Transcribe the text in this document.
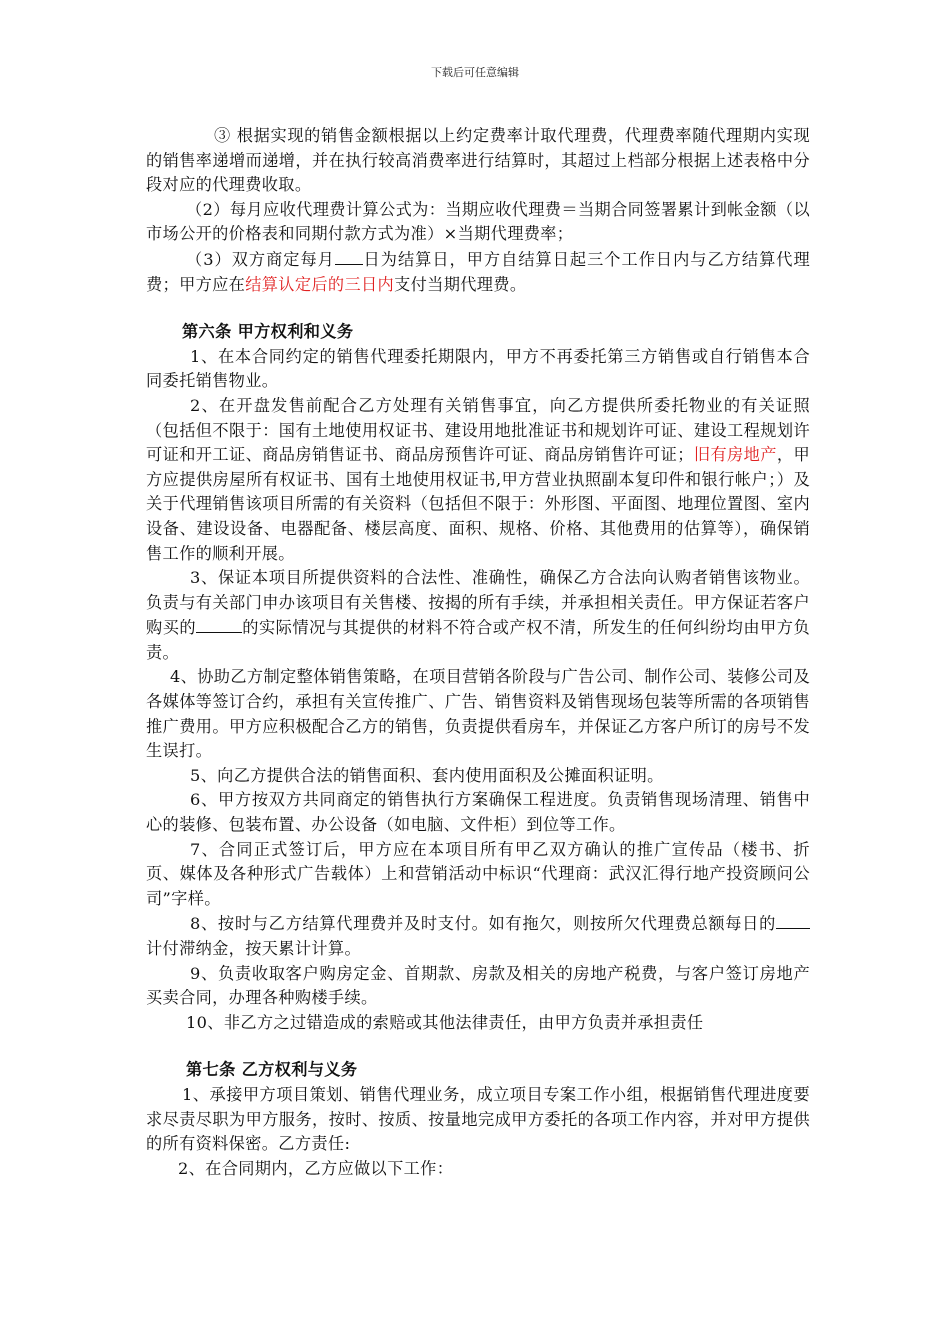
下载后可任意编辑

③ 根据实现的销售金额根据以上约定费率计取代理费，代理费率随代理期内实现的销售率递增而递增，并在执行较高消费率进行结算时，其超过上档部分根据上述表格中分段对应的代理费收取。

（2）每月应收代理费计算公式为：当期应收代理费＝当期合同签署累计到帐金额（以市场公开的价格表和同期付款方式为准）×当期代理费率；

（3）双方商定每月 日为结算日，甲方自结算日起三个工作日内与乙方结算代理费；甲方应在结算认定后的三日内支付当期代理费。

第六条 甲方权利和义务

1、在本合同约定的销售代理委托期限内，甲方不再委托第三方销售或自行销售本合同委托销售物业。

2、在开盘发售前配合乙方处理有关销售事宜，向乙方提供所委托物业的有关证照（包括但不限于：国有土地使用权证书、建设用地批准证书和规划许可证、建设工程规划许可证和开工证、商品房销售证书、商品房预售许可证、商品房销售许可证；旧有房地产，甲方应提供房屋所有权证书、国有土地使用权证书,甲方营业执照副本复印件和银行帐户；）及关于代理销售该项目所需的有关资料（包括但不限于：外形图、平面图、地理位置图、室内设备、建设设备、电器配备、楼层高度、面积、规格、价格、其他费用的估算等），确保销售工作的顺利开展。

3、保证本项目所提供资料的合法性、准确性，确保乙方合法向认购者销售该物业。负责与有关部门申办该项目有关售楼、按揭的所有手续，并承担相关责任。甲方保证若客户购买的	的实际情况与其提供的材料不符合或产权不清，所发生的任何纠纷均由甲方负责。

4、协助乙方制定整体销售策略，在项目营销各阶段与广告公司、制作公司、装修公司及各媒体等签订合约，承担有关宣传推广、广告、销售资料及销售现场包装等所需的各项销售推广费用。甲方应积极配合乙方的销售，负责提供看房车，并保证乙方客户所订的房号不发生误打。

5、向乙方提供合法的销售面积、套内使用面积及公摊面积证明。

6、甲方按双方共同商定的销售执行方案确保工程进度。负责销售现场清理、销售中心的装修、包装布置、办公设备（如电脑、文件柜）到位等工作。

7、合同正式签订后，甲方应在本项目所有甲乙双方确认的推广宣传品（楼书、折页、媒体及各种形式广告载体）上和营销活动中标识“代理商：武汉汇得行地产投资顾问公司”字样。

8、按时与乙方结算代理费并及时支付。如有拖欠，则按所欠代理费总额每日的计付滞纳金，按天累计计算。

9、负责收取客户购房定金、首期款、房款及相关的房地产税费，与客户签订房地产买卖合同，办理各种购楼手续。

10、非乙方之过错造成的索赔或其他法律责任，由甲方负责并承担责任

第七条 乙方权利与义务

1、承接甲方项目策划、销售代理业务，成立项目专案工作小组，根据销售代理进度要求尽责尽职为甲方服务，按时、按质、按量地完成甲方委托的各项工作内容，并对甲方提供的所有资料保密。乙方责任:

2、在合同期内，乙方应做以下工作：
